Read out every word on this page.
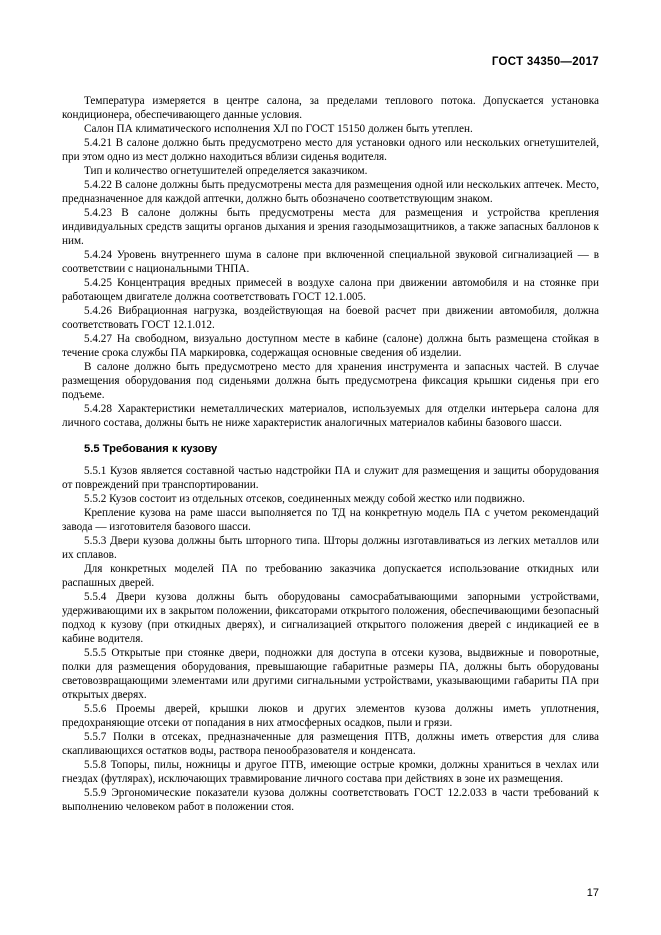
ГОСТ 34350—2017

Температура измеряется в центре салона, за пределами теплового потока. Допускается установка кондиционера, обеспечивающего данные условия.

Салон ПА климатического исполнения ХЛ по ГОСТ 15150 должен быть утеплен.

5.4.21 В салоне должно быть предусмотрено место для установки одного или нескольких огнетушителей, при этом одно из мест должно находиться вблизи сиденья водителя.

Тип и количество огнетушителей определяется заказчиком.

5.4.22 В салоне должны быть предусмотрены места для размещения одной или нескольких аптечек. Место, предназначенное для каждой аптечки, должно быть обозначено соответствующим знаком.

5.4.23 В салоне должны быть предусмотрены места для размещения и устройства крепления индивидуальных средств защиты органов дыхания и зрения газодымозащитников, а также запасных баллонов к ним.

5.4.24 Уровень внутреннего шума в салоне при включенной специальной звуковой сигнализацией — в соответствии с национальными ТНПА.

5.4.25 Концентрация вредных примесей в воздухе салона при движении автомобиля и на стоянке при работающем двигателе должна соответствовать ГОСТ 12.1.005.

5.4.26 Вибрационная нагрузка, воздействующая на боевой расчет при движении автомобиля, должна соответствовать ГОСТ 12.1.012.

5.4.27 На свободном, визуально доступном месте в кабине (салоне) должна быть размещена стойкая в течение срока службы ПА маркировка, содержащая основные сведения об изделии.

В салоне должно быть предусмотрено место для хранения инструмента и запасных частей. В случае размещения оборудования под сиденьями должна быть предусмотрена фиксация крышки сиденья при его подъеме.

5.4.28 Характеристики неметаллических материалов, используемых для отделки интерьера салона для личного состава, должны быть не ниже характеристик аналогичных материалов кабины базового шасси.

5.5 Требования к кузову

5.5.1 Кузов является составной частью надстройки ПА и служит для размещения и защиты оборудования от повреждений при транспортировании.

5.5.2 Кузов состоит из отдельных отсеков, соединенных между собой жестко или подвижно.

Крепление кузова на раме шасси выполняется по ТД на конкретную модель ПА с учетом рекомендаций завода — изготовителя базового шасси.

5.5.3 Двери кузова должны быть шторного типа. Шторы должны изготавливаться из легких металлов или их сплавов.

Для конкретных моделей ПА по требованию заказчика допускается использование откидных или распашных дверей.

5.5.4 Двери кузова должны быть оборудованы самосрабатывающими запорными устройствами, удерживающими их в закрытом положении, фиксаторами открытого положения, обеспечивающими безопасный подход к кузову (при откидных дверях), и сигнализацией открытого положения дверей с индикацией ее в кабине водителя.

5.5.5 Открытые при стоянке двери, подножки для доступа в отсеки кузова, выдвижные и поворотные, полки для размещения оборудования, превышающие габаритные размеры ПА, должны быть оборудованы световозвращающими элементами или другими сигнальными устройствами, указывающими габариты ПА при открытых дверях.

5.5.6 Проемы дверей, крышки люков и других элементов кузова должны иметь уплотнения, предохраняющие отсеки от попадания в них атмосферных осадков, пыли и грязи.

5.5.7 Полки в отсеках, предназначенные для размещения ПТВ, должны иметь отверстия для слива скапливающихся остатков воды, раствора пенообразователя и конденсата.

5.5.8 Топоры, пилы, ножницы и другое ПТВ, имеющие острые кромки, должны храниться в чехлах или гнездах (футлярах), исключающих травмирование личного состава при действиях в зоне их размещения.

5.5.9 Эргономические показатели кузова должны соответствовать ГОСТ 12.2.033 в части требований к выполнению человеком работ в положении стоя.

17
